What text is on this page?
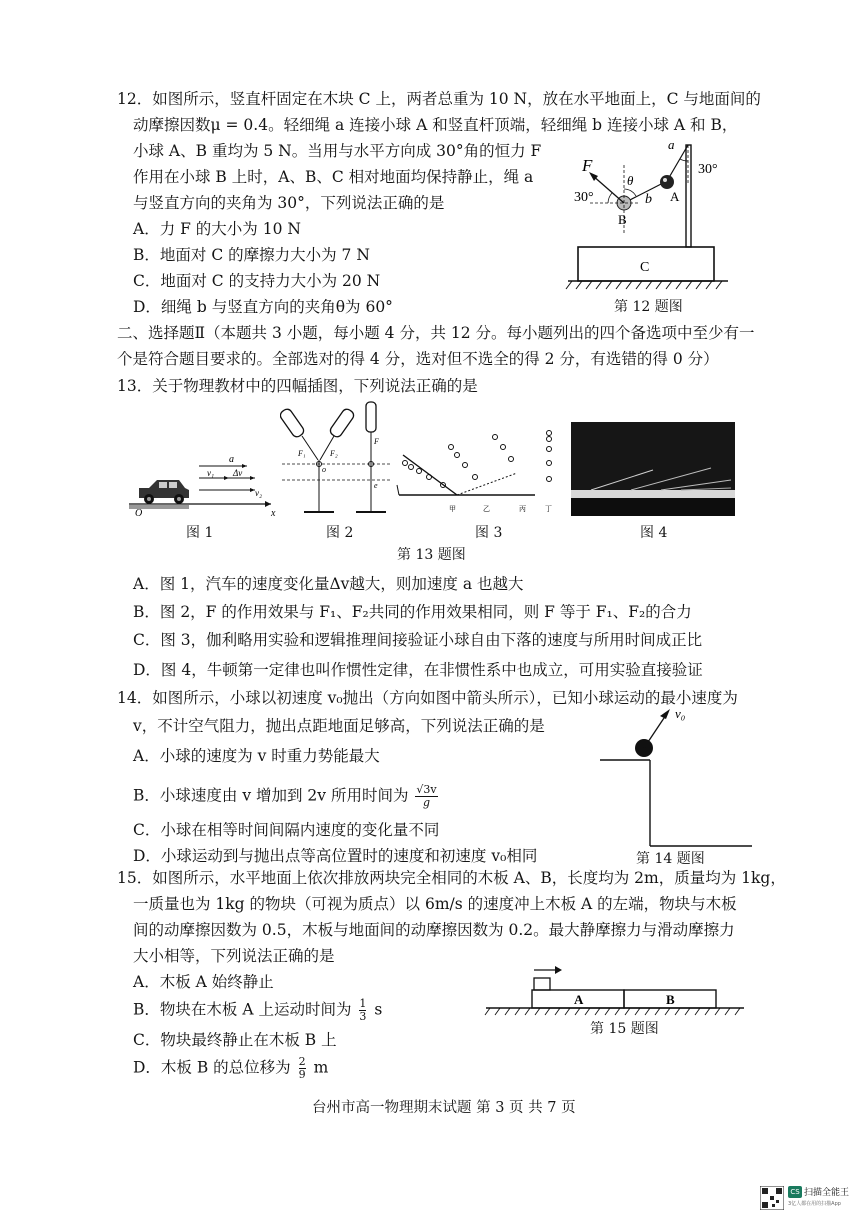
12．如图所示，竖直杆固定在木块 C 上，两者总重为 10 N，放在水平地面上，C 与地面间的
动摩擦因数μ = 0.4。轻细绳 a 连接小球 A 和竖直杆顶端，轻细绳 b 连接小球 A 和 B，
小球 A、B 重均为 5 N。当用与水平方向成 30°角的恒力 F
作用在小球 B 上时，A、B、C 相对地面均保持静止，绳 a
与竖直方向的夹角为 30°，下列说法正确的是
A．力 F 的大小为 10 N
B．地面对 C 的摩擦力大小为 7 N
C．地面对 C 的支持力大小为 20 N
D．细绳 b 与竖直方向的夹角θ为 60°
F
30°
30°
θ
a
b A
B
C
第 12 题图
二、选择题Ⅱ（本题共 3 小题，每小题 4 分，共 12 分。每小题列出的四个备选项中至少有一
个是符合题目要求的。全部选对的得 4 分，选对但不选全的得 2 分，有选错的得 0 分）
13．关于物理教材中的四幅插图，下列说法正确的是
a
v₁ Δv
v₂
O	x
F₁	F₂
F
o
e
甲	乙	丙	丁
图 1	图 2	图 3	图 4
第 13 题图
A．图 1，汽车的速度变化量Δv越大，则加速度 a 也越大
B．图 2，F 的作用效果与 F₁、F₂共同的作用效果相同，则 F 等于 F₁、F₂的合力
C．图 3，伽利略用实验和逻辑推理间接验证小球自由下落的速度与所用时间成正比
D．图 4，牛顿第一定律也叫作惯性定律，在非惯性系中也成立，可用实验直接验证
14．如图所示，小球以初速度 v₀抛出（方向如图中箭头所示），已知小球运动的最小速度为
v，不计空气阻力，抛出点距地面足够高，下列说法正确的是
A．小球的速度为 v 时重力势能最大
B．小球速度由 v 增加到 2v 所用时间为 $\frac{√3v}{g}$
C．小球在相等时间间隔内速度的变化量不同
D．小球运动到与抛出点等高位置时的速度和初速度 v₀相同
v₀
第 14 题图
15．如图所示，水平地面上依次排放两块完全相同的木板 A、B，长度均为 2m，质量均为 1kg，
一质量也为 1kg 的物块（可视为质点）以 6m/s 的速度冲上木板 A 的左端，物块与木板
间的动摩擦因数为 0.5，木板与地面间的动摩擦因数为 0.2。最大静摩擦力与滑动摩擦力
大小相等，下列说法正确的是
A．木板 A 始终静止
B．物块在木板 A 上运动时间为 $\frac{1}{3}$ s
C．物块最终静止在木板 B 上
D．木板 B 的总位移为 $\frac{2}{9}$ m
A	B
第 15 题图
台州市高一物理期末试题 第 3 页 共 7 页
CS 扫描全能王
3亿人都在用的扫描App
